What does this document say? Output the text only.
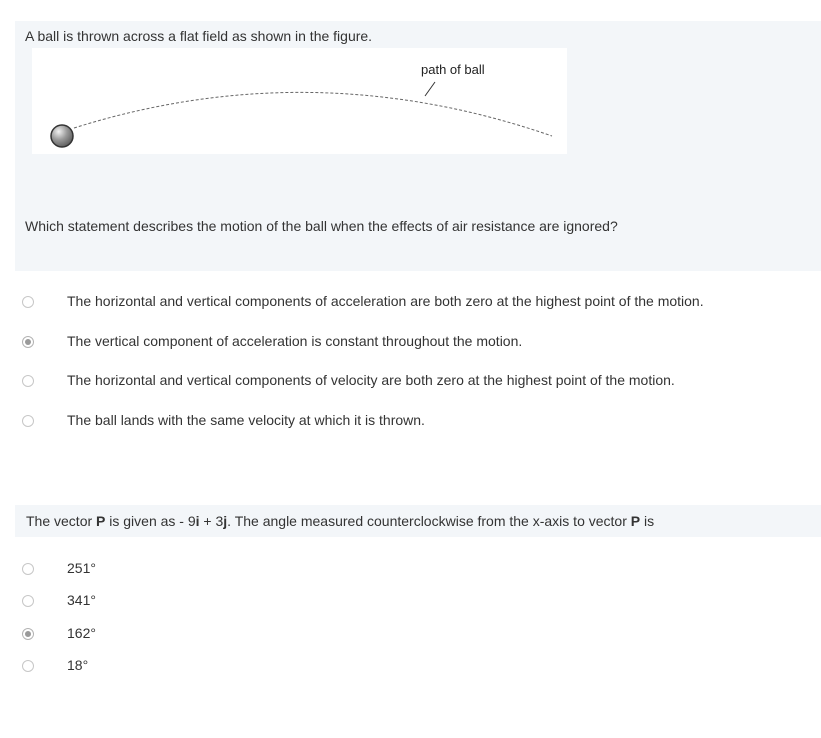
A ball is thrown across a flat field as shown in the figure.
path of ball
Which statement describes the motion of the ball when the effects of air resistance are ignored?
The horizontal and vertical components of acceleration are both zero at the highest point of the motion.
The vertical component of acceleration is constant throughout the motion.
The horizontal and vertical components of velocity are both zero at the highest point of the motion.
The ball lands with the same velocity at which it is thrown.
The vector P is given as - 9i + 3j. The angle measured counterclockwise from the x-axis to vector P is
251°
341°
162°
18°
